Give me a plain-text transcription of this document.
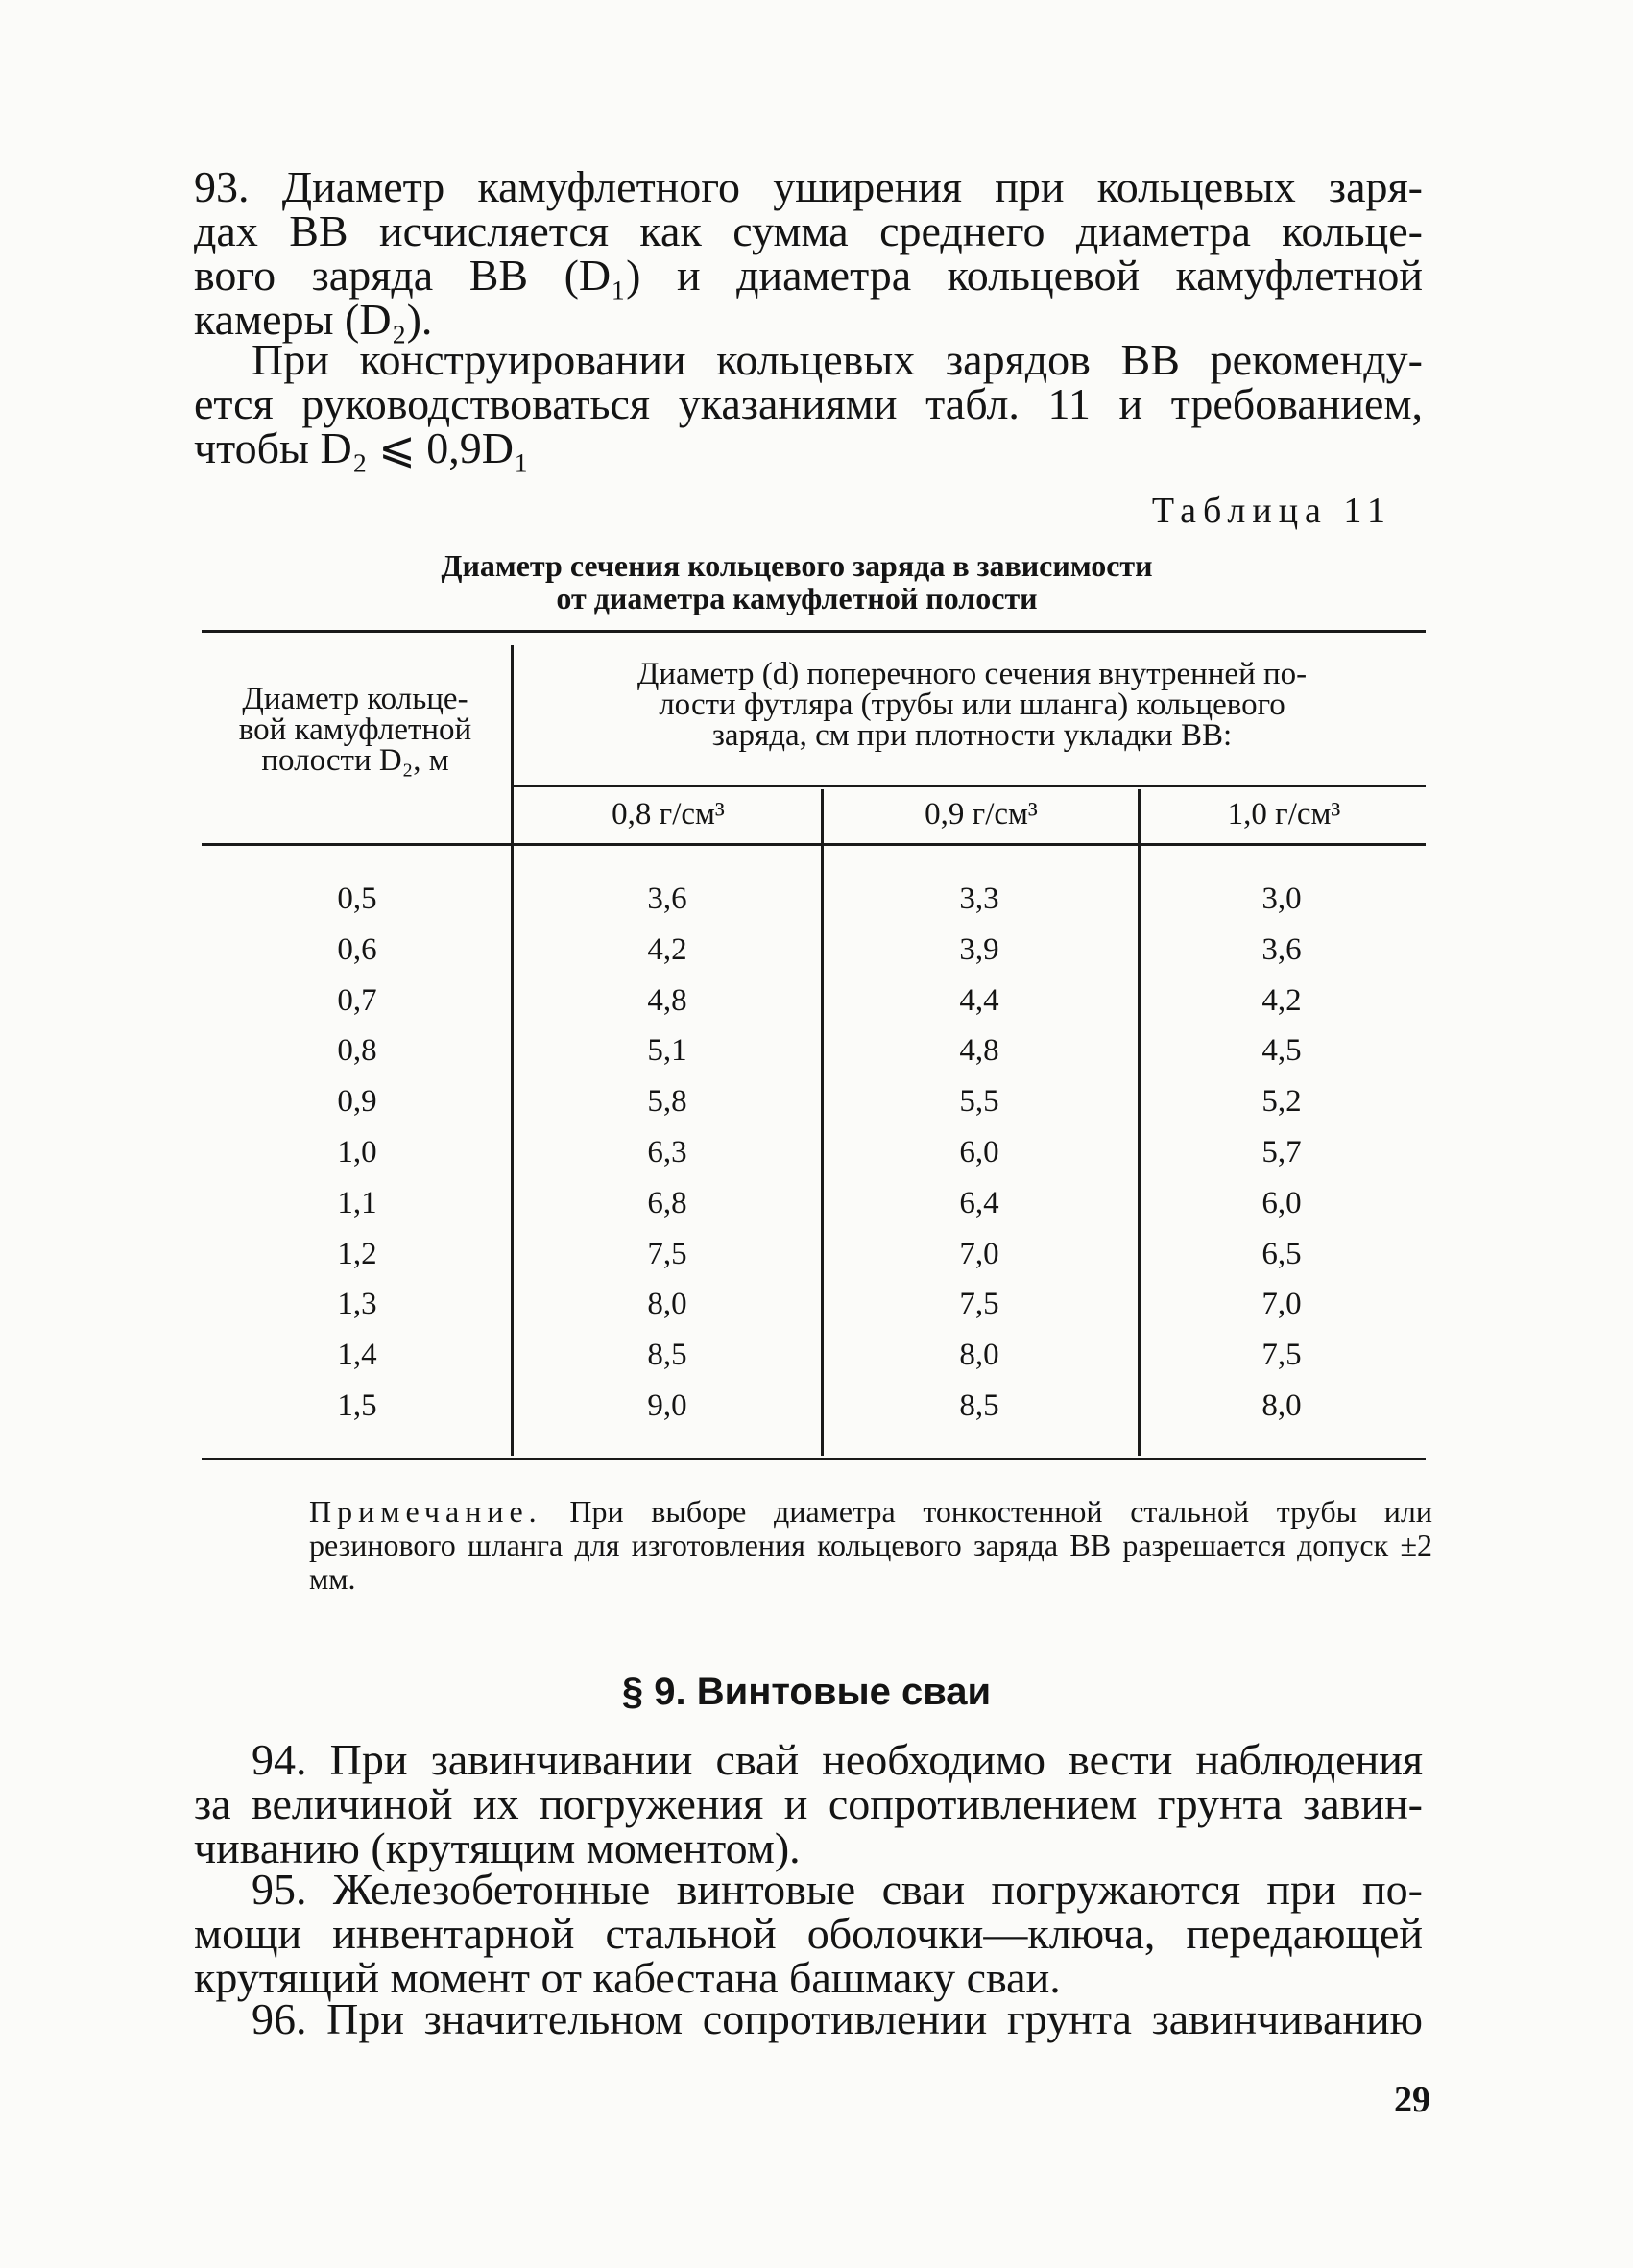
93. Диаметр камуфлетного уширения при кольцевых заря-
дах ВВ исчисляется как сумма среднего диаметра кольце-
вого заряда ВВ (D₁) и диаметра кольцевой камуфлетной
камеры (D₂).
При конструировании кольцевых зарядов ВВ рекоменду-
ется руководствоваться указаниями табл. 11 и требованием,
чтобы D₂ ⩽ 0,9D₁
Таблица 11
Диаметр сечения кольцевого заряда в зависимости
от диаметра камуфлетной полости
Диаметр кольце-
вой камуфлетной
полости D₂, м
Диаметр (d) поперечного сечения внутренней по-
лости футляра (трубы или шланга) кольцевого
заряда, см при плотности укладки ВВ:
0,8 г/см³	0,9 г/см³	1,0 г/см³
0,5	3,6	3,3	3,0
0,6	4,2	3,9	3,6
0,7	4,8	4,4	4,2
0,8	5,1	4,8	4,5
0,9	5,8	5,5	5,2
1,0	6,3	6,0	5,7
1,1	6,8	6,4	6,0
1,2	7,5	7,0	6,5
1,3	8,0	7,5	7,0
1,4	8,5	8,0	7,5
1,5	9,0	8,5	8,0

Примечание. При выборе диаметра тонкостенной стальной трубы или резинового шланга для изготовления кольцевого заряда ВВ разрешается допуск ±2 мм.

§ 9. Винтовые сваи
94. При завинчивании свай необходимо вести наблюдения
за величиной их погружения и сопротивлением грунта завин-
чиванию (крутящим моментом).
95. Железобетонные винтовые сваи погружаются при по-
мощи инвентарной стальной оболочки—ключа, передающей
крутящий момент от кабестана башмаку сваи.
96. При значительном сопротивлении грунта завинчиванию
29
